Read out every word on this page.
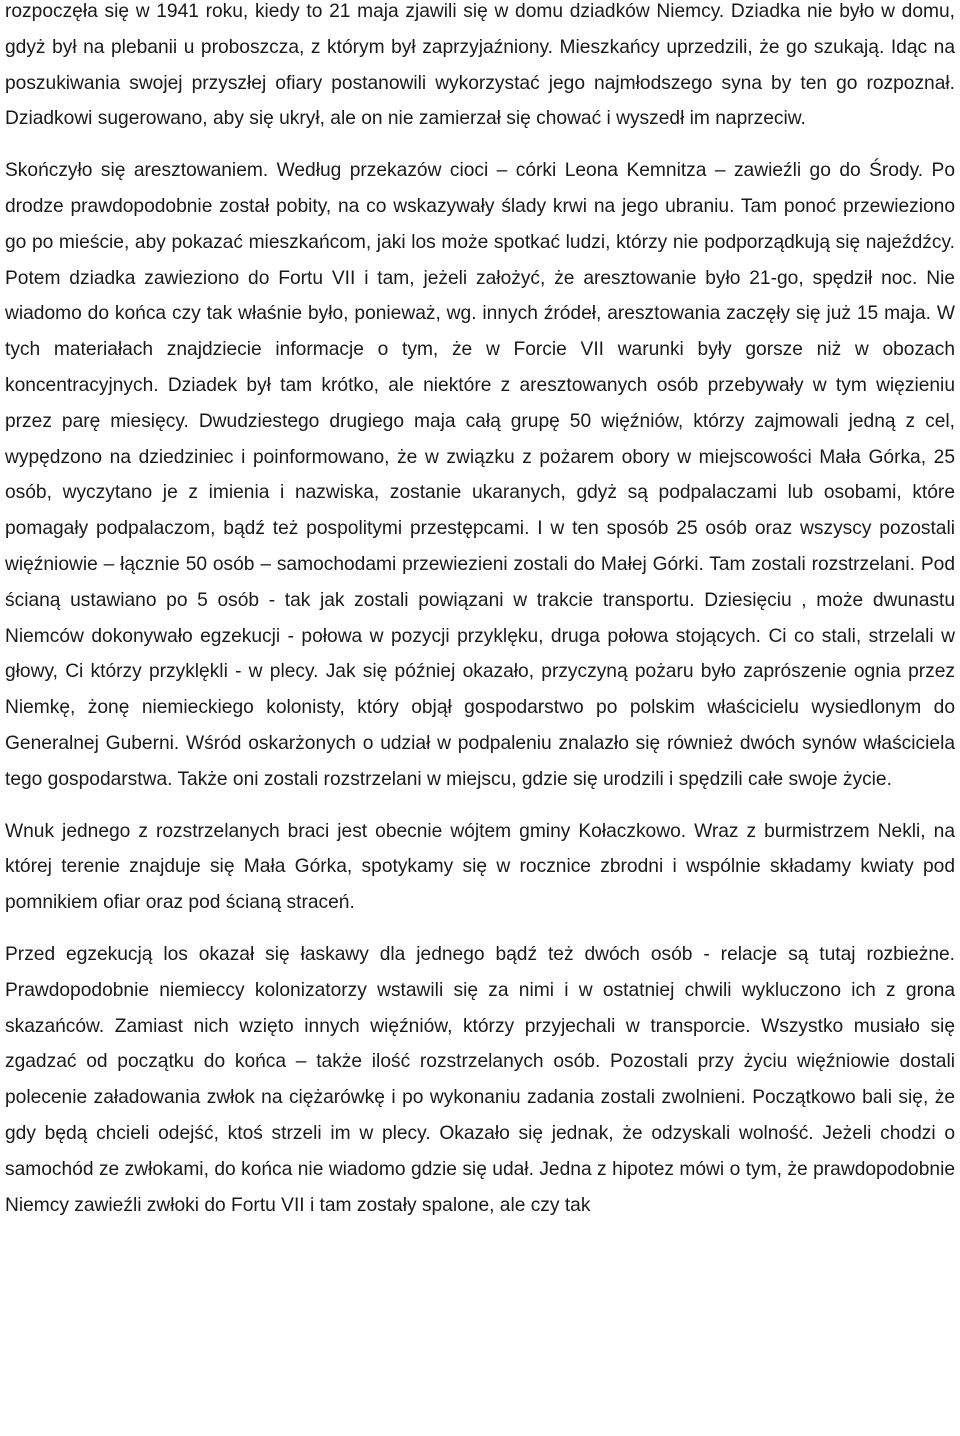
rozpoczęła się w 1941 roku, kiedy to 21 maja zjawili się w domu dziadków Niemcy. Dziadka nie było w domu, gdyż był na plebanii u proboszcza, z którym był zaprzyjaźniony. Mieszkańcy uprzedzili, że go szukają. Idąc na poszukiwania swojej przyszłej ofiary postanowili wykorzystać jego najmłodszego syna by ten go rozpoznał. Dziadkowi sugerowano, aby się ukrył, ale on nie zamierzał się chować i wyszedł im naprzeciw.

Skończyło się aresztowaniem. Według przekazów cioci – córki Leona Kemnitza – zawieźli go do Środy. Po drodze prawdopodobnie został pobity, na co wskazywały ślady krwi na jego ubraniu. Tam ponoć przewieziono go po mieście, aby pokazać mieszkańcom, jaki los może spotkać ludzi, którzy nie podporządkują się najeźdźcy. Potem dziadka zawieziono do Fortu VII i tam, jeżeli założyć, że aresztowanie było 21-go, spędził noc. Nie wiadomo do końca czy tak właśnie było, ponieważ, wg. innych źródeł, aresztowania zaczęły się już 15 maja. W tych materiałach znajdziecie informacje o tym, że w Forcie VII warunki były gorsze niż w obozach koncentracyjnych. Dziadek był tam krótko, ale niektóre z aresztowanych osób przebywały w tym więzieniu przez parę miesięcy. Dwudziestego drugiego maja całą grupę 50 więźniów, którzy zajmowali jedną z cel, wypędzono na dziedziniec i poinformowano, że w związku z pożarem obory w miejscowości Mała Górka, 25 osób, wyczytano je z imienia i nazwiska, zostanie ukaranych, gdyż są podpalaczami lub osobami, które pomagały podpalaczom, bądź też pospolitymi przestępcami. I w ten sposób 25 osób oraz wszyscy pozostali więźniowie – łącznie 50 osób – samochodami przewiezieni zostali do Małej Górki. Tam zostali rozstrzelani. Pod ścianą ustawiano po 5 osób - tak jak zostali powiązani w trakcie transportu. Dziesięciu , może dwunastu Niemców dokonywało egzekucji - połowa w pozycji przyklęku, druga połowa stojących. Ci co stali, strzelali w głowy, Ci którzy przyklękli - w plecy. Jak się później okazało, przyczyną pożaru było zaprószenie ognia przez Niemkę, żonę niemieckiego kolonisty, który objął gospodarstwo po polskim właścicielu wysiedlonym do Generalnej Guberni. Wśród oskarżonych o udział w podpaleniu znalazło się również dwóch synów właściciela tego gospodarstwa. Także oni zostali rozstrzelani w miejscu, gdzie się urodzili i spędzili całe swoje życie.

Wnuk jednego z rozstrzelanych braci jest obecnie wójtem gminy Kołaczkowo. Wraz z burmistrzem Nekli, na której terenie znajduje się Mała Górka, spotykamy się w rocznice zbrodni i wspólnie składamy kwiaty pod pomnikiem ofiar oraz pod ścianą straceń.

Przed egzekucją los okazał się łaskawy dla jednego bądź też dwóch osób - relacje są tutaj rozbieżne. Prawdopodobnie niemieccy kolonizatorzy wstawili się za nimi i w ostatniej chwili wykluczono ich z grona skazańców. Zamiast nich wzięto innych więźniów, którzy przyjechali w transporcie. Wszystko musiało się zgadzać od początku do końca – także ilość rozstrzelanych osób. Pozostali przy życiu więźniowie dostali polecenie załadowania zwłok na ciężarówkę i po wykonaniu zadania zostali zwolnieni. Początkowo bali się, że gdy będą chcieli odejść, ktoś strzeli im w plecy. Okazało się jednak, że odzyskali wolność. Jeżeli chodzi o samochód ze zwłokami, do końca nie wiadomo gdzie się udał. Jedna z hipotez mówi o tym, że prawdopodobnie Niemcy zawieźli zwłoki do Fortu VII i tam zostały spalone, ale czy tak
